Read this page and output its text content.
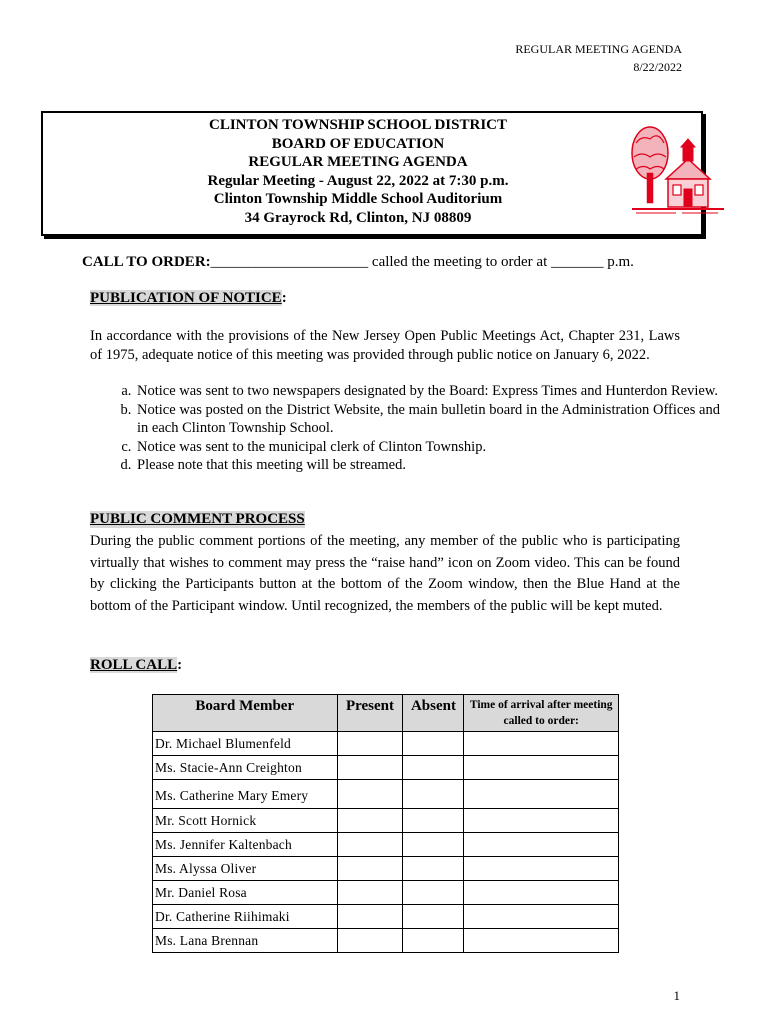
REGULAR MEETING AGENDA
8/22/2022
CLINTON TOWNSHIP SCHOOL DISTRICT
BOARD OF EDUCATION
REGULAR MEETING AGENDA
Regular Meeting - August 22, 2022 at 7:30 p.m.
Clinton Township Middle School Auditorium
34 Grayrock Rd, Clinton, NJ 08809
CALL TO ORDER:_____________________ called the meeting to order at _______ p.m.
PUBLICATION OF NOTICE:
In accordance with the provisions of the New Jersey Open Public Meetings Act, Chapter 231, Laws of 1975, adequate notice of this meeting was provided through public notice on January 6, 2022.
a. Notice was sent to two newspapers designated by the Board: Express Times and Hunterdon Review.
b. Notice was posted on the District Website, the main bulletin board in the Administration Offices and in each Clinton Township School.
c. Notice was sent to the municipal clerk of Clinton Township.
d. Please note that this meeting will be streamed.
PUBLIC COMMENT PROCESS
During the public comment portions of the meeting, any member of the public who is participating virtually that wishes to comment may press the “raise hand” icon on Zoom video. This can be found by clicking the Participants button at the bottom of the Zoom window, then the Blue Hand at the bottom of the Participant window. Until recognized, the members of the public will be kept muted.
ROLL CALL:
Board Member	Present	Absent	Time of arrival after meeting called to order:
Dr. Michael Blumenfeld			
Ms. Stacie-Ann Creighton			
Ms. Catherine Mary Emery			
Mr. Scott Hornick			
Ms. Jennifer Kaltenbach			
Ms. Alyssa Oliver			
Mr. Daniel Rosa			
Dr. Catherine Riihimaki			
Ms. Lana Brennan			
1
